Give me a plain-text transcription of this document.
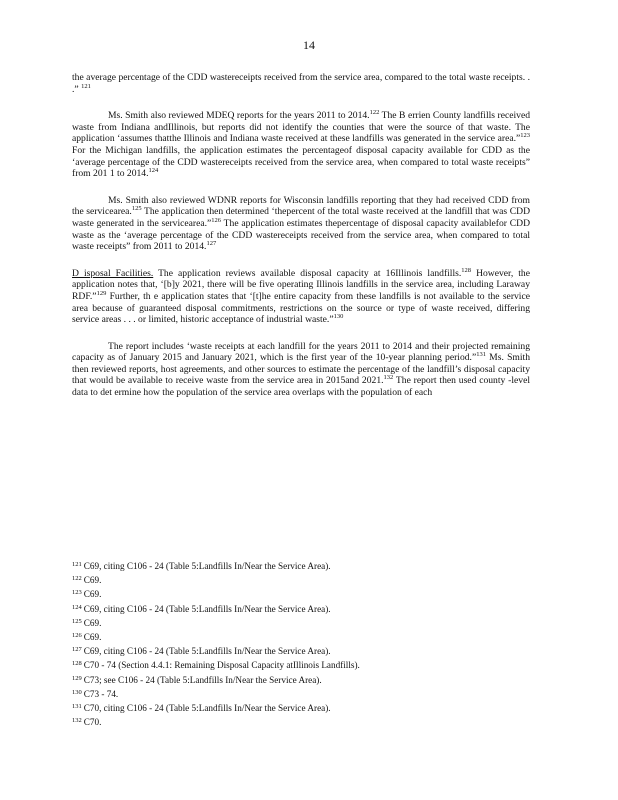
14

the average percentage of the CDD wastereceipts received from the service area, compared to the total waste receipts. . .” $^{121}$

Ms. Smith also reviewed MDEQ reports for the years 2011 to 2014.$^{122}$ The B errien County landfills received waste from Indiana andIllinois, but reports did not identify the counties that were the source of that waste. The application ‘assumes thatthe Illinois and Indiana waste received at these landfills was generated in the service area.”$^{123}$ For the Michigan landfills, the application estimates the percentageof disposal capacity available for CDD as the ‘average percentage of the CDD wastereceipts received from the service area, when compared to total waste receipts” from 201 1 to 2014.$^{124}$

Ms. Smith also reviewed WDNR reports for Wisconsin landfills reporting that they had received CDD from the servicearea.$^{125}$ The application then determined ‘thepercent of the total waste received at the landfill that was CDD waste generated in the servicearea.”$^{126}$ The application estimates thepercentage of disposal capacity availablefor CDD waste as the ‘average percentage of the CDD wastereceipts received from the service area, when compared to total waste receipts” from 2011 to 2014.$^{127}$

D isposal Facilities. The application reviews available disposal capacity at 16Illinois landfills.$^{128}$ However, the application notes that, ‘[b]y 2021, there will be five operating Illinois landfills in the service area, including Laraway RDF.”$^{129}$ Further, th e application states that ‘[t]he entire capacity from these landfills is not available to the service area because of guaranteed disposal commitments, restrictions on the source or type of waste received, differing service areas . . . or limited, historic acceptance of industrial waste.”$^{130}$

The report includes ‘waste receipts at each landfill for the years 2011 to 2014 and their projected remaining capacity as of January 2015 and January 2021, which is the first year of the 10-year planning period.”$^{131}$ Ms. Smith then reviewed reports, host agreements, and other sources to estimate the percentage of the landfill’s disposal capacity that would be available to receive waste from the service area in 2015and 2021.$^{132}$ The report then used county -level data to det ermine how the population of the service area overlaps with the population of each

$^{121}$ C69, citing C106 - 24 (Table 5:Landfills In/Near the Service Area).

$^{122}$ C69.

$^{123}$ C69.

$^{124}$ C69, citing C106 - 24 (Table 5:Landfills In/Near the Service Area).

$^{125}$ C69.

$^{126}$ C69.

$^{127}$ C69, citing C106 - 24 (Table 5:Landfills In/Near the Service Area).

$^{128}$ C70 - 74 (Section 4.4.1: Remaining Disposal Capacity atIllinois Landfills).

$^{129}$ C73; see C106 - 24 (Table 5:Landfills In/Near the Service Area).

$^{130}$ C73 - 74.

$^{131}$ C70, citing C106 - 24 (Table 5:Landfills In/Near the Service Area).

$^{132}$ C70.
